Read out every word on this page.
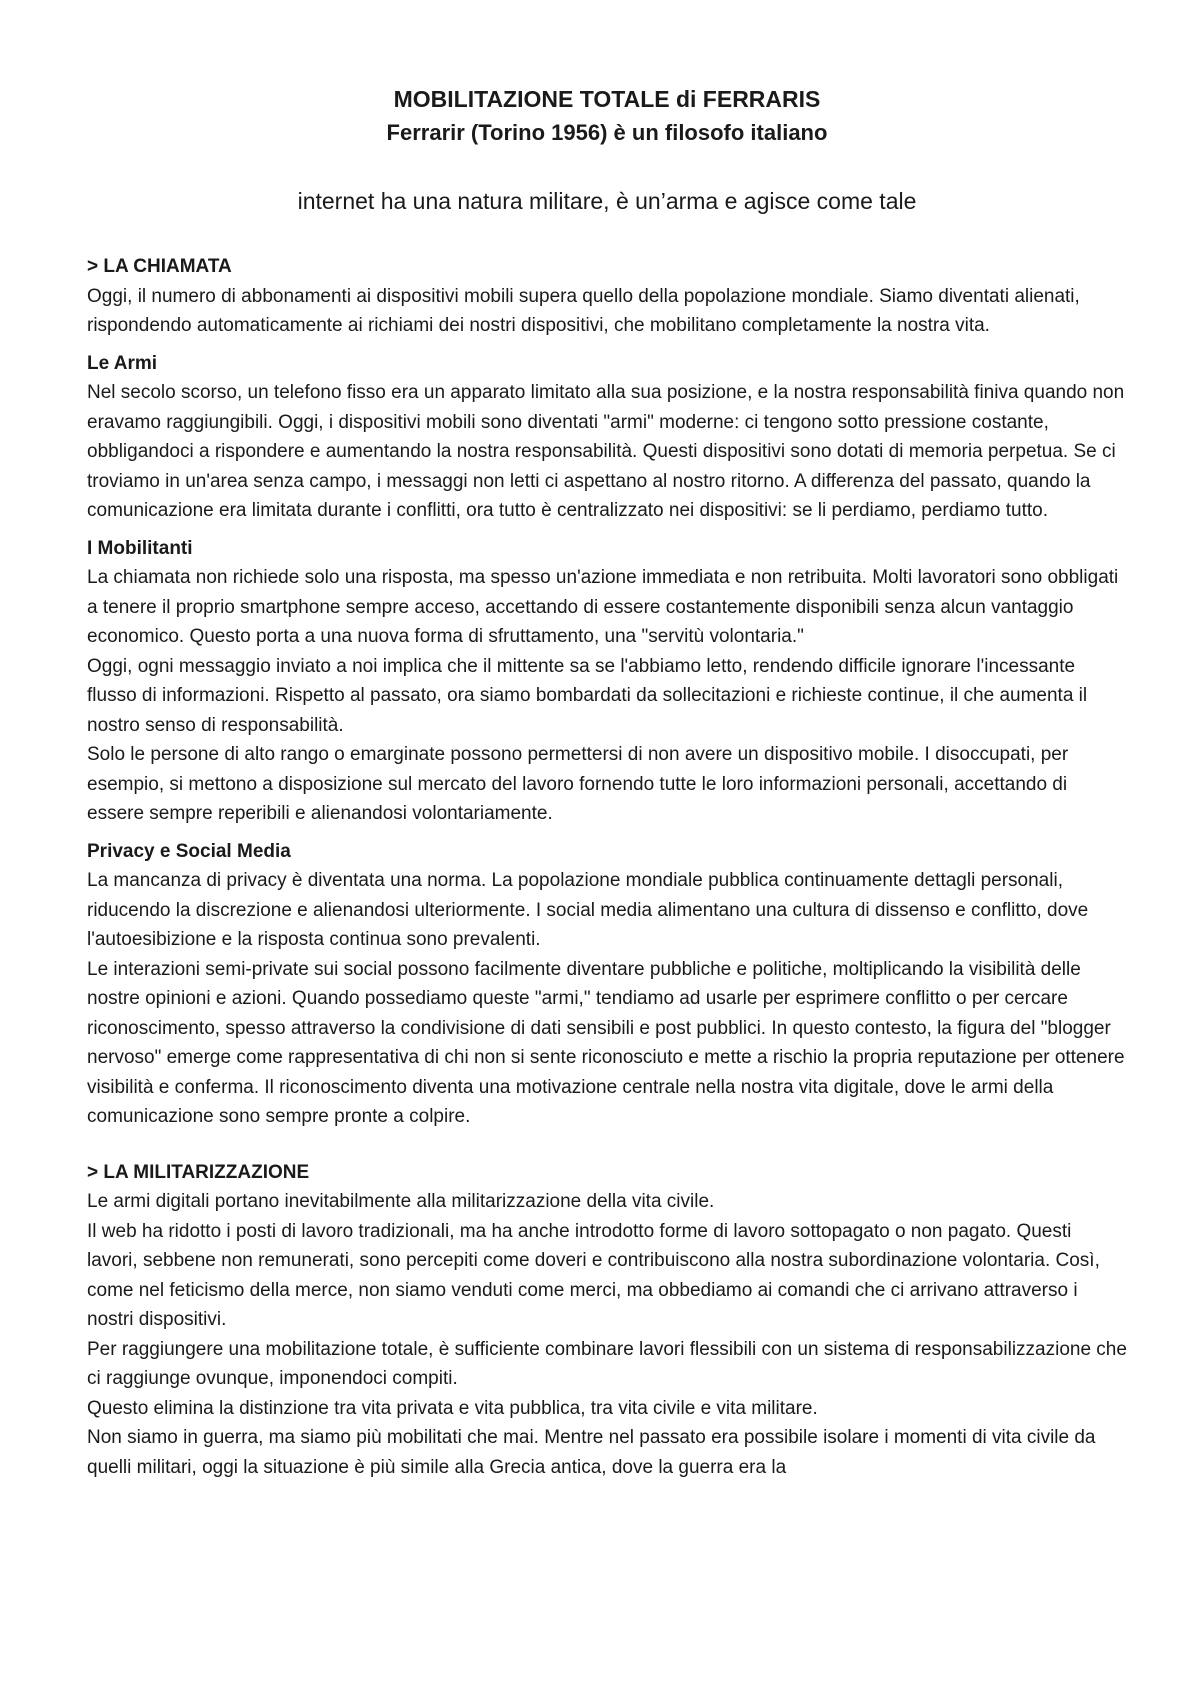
MOBILITAZIONE TOTALE di FERRARIS
Ferrarir (Torino 1956) è un filosofo italiano

internet ha una natura militare, è un’arma e agisce come tale

> LA CHIAMATA

Oggi, il numero di abbonamenti ai dispositivi mobili supera quello della popolazione mondiale. Siamo diventati alienati, rispondendo automaticamente ai richiami dei nostri dispositivi, che mobilitano completamente la nostra vita.

Le Armi

Nel secolo scorso, un telefono fisso era un apparato limitato alla sua posizione, e la nostra responsabilità finiva quando non eravamo raggiungibili. Oggi, i dispositivi mobili sono diventati "armi" moderne: ci tengono sotto pressione costante, obbligandoci a rispondere e aumentando la nostra responsabilità. Questi dispositivi sono dotati di memoria perpetua. Se ci troviamo in un'area senza campo, i messaggi non letti ci aspettano al nostro ritorno. A differenza del passato, quando la comunicazione era limitata durante i conflitti, ora tutto è centralizzato nei dispositivi: se li perdiamo, perdiamo tutto.

I Mobilitanti

La chiamata non richiede solo una risposta, ma spesso un'azione immediata e non retribuita. Molti lavoratori sono obbligati a tenere il proprio smartphone sempre acceso, accettando di essere costantemente disponibili senza alcun vantaggio economico. Questo porta a una nuova forma di sfruttamento, una "servitù volontaria."

Oggi, ogni messaggio inviato a noi implica che il mittente sa se l'abbiamo letto, rendendo difficile ignorare l'incessante flusso di informazioni. Rispetto al passato, ora siamo bombardati da sollecitazioni e richieste continue, il che aumenta il nostro senso di responsabilità.

Solo le persone di alto rango o emarginate possono permettersi di non avere un dispositivo mobile. I disoccupati, per esempio, si mettono a disposizione sul mercato del lavoro fornendo tutte le loro informazioni personali, accettando di essere sempre reperibili e alienandosi volontariamente.

Privacy e Social Media

La mancanza di privacy è diventata una norma. La popolazione mondiale pubblica continuamente dettagli personali, riducendo la discrezione e alienandosi ulteriormente. I social media alimentano una cultura di dissenso e conflitto, dove l'autoesibizione e la risposta continua sono prevalenti.

Le interazioni semi-private sui social possono facilmente diventare pubbliche e politiche, moltiplicando la visibilità delle nostre opinioni e azioni. Quando possediamo queste "armi," tendiamo ad usarle per esprimere conflitto o per cercare riconoscimento, spesso attraverso la condivisione di dati sensibili e post pubblici. In questo contesto, la figura del "blogger nervoso" emerge come rappresentativa di chi non si sente riconosciuto e mette a rischio la propria reputazione per ottenere visibilità e conferma. Il riconoscimento diventa una motivazione centrale nella nostra vita digitale, dove le armi della comunicazione sono sempre pronte a colpire.

> LA MILITARIZZAZIONE

Le armi digitali portano inevitabilmente alla militarizzazione della vita civile.

Il web ha ridotto i posti di lavoro tradizionali, ma ha anche introdotto forme di lavoro sottopagato o non pagato. Questi lavori, sebbene non remunerati, sono percepiti come doveri e contribuiscono alla nostra subordinazione volontaria. Così, come nel feticismo della merce, non siamo venduti come merci, ma obbediamo ai comandi che ci arrivano attraverso i nostri dispositivi.

Per raggiungere una mobilitazione totale, è sufficiente combinare lavori flessibili con un sistema di responsabilizzazione che ci raggiunge ovunque, imponendoci compiti.

Questo elimina la distinzione tra vita privata e vita pubblica, tra vita civile e vita militare.

Non siamo in guerra, ma siamo più mobilitati che mai. Mentre nel passato era possibile isolare i momenti di vita civile da quelli militari, oggi la situazione è più simile alla Grecia antica, dove la guerra era la
